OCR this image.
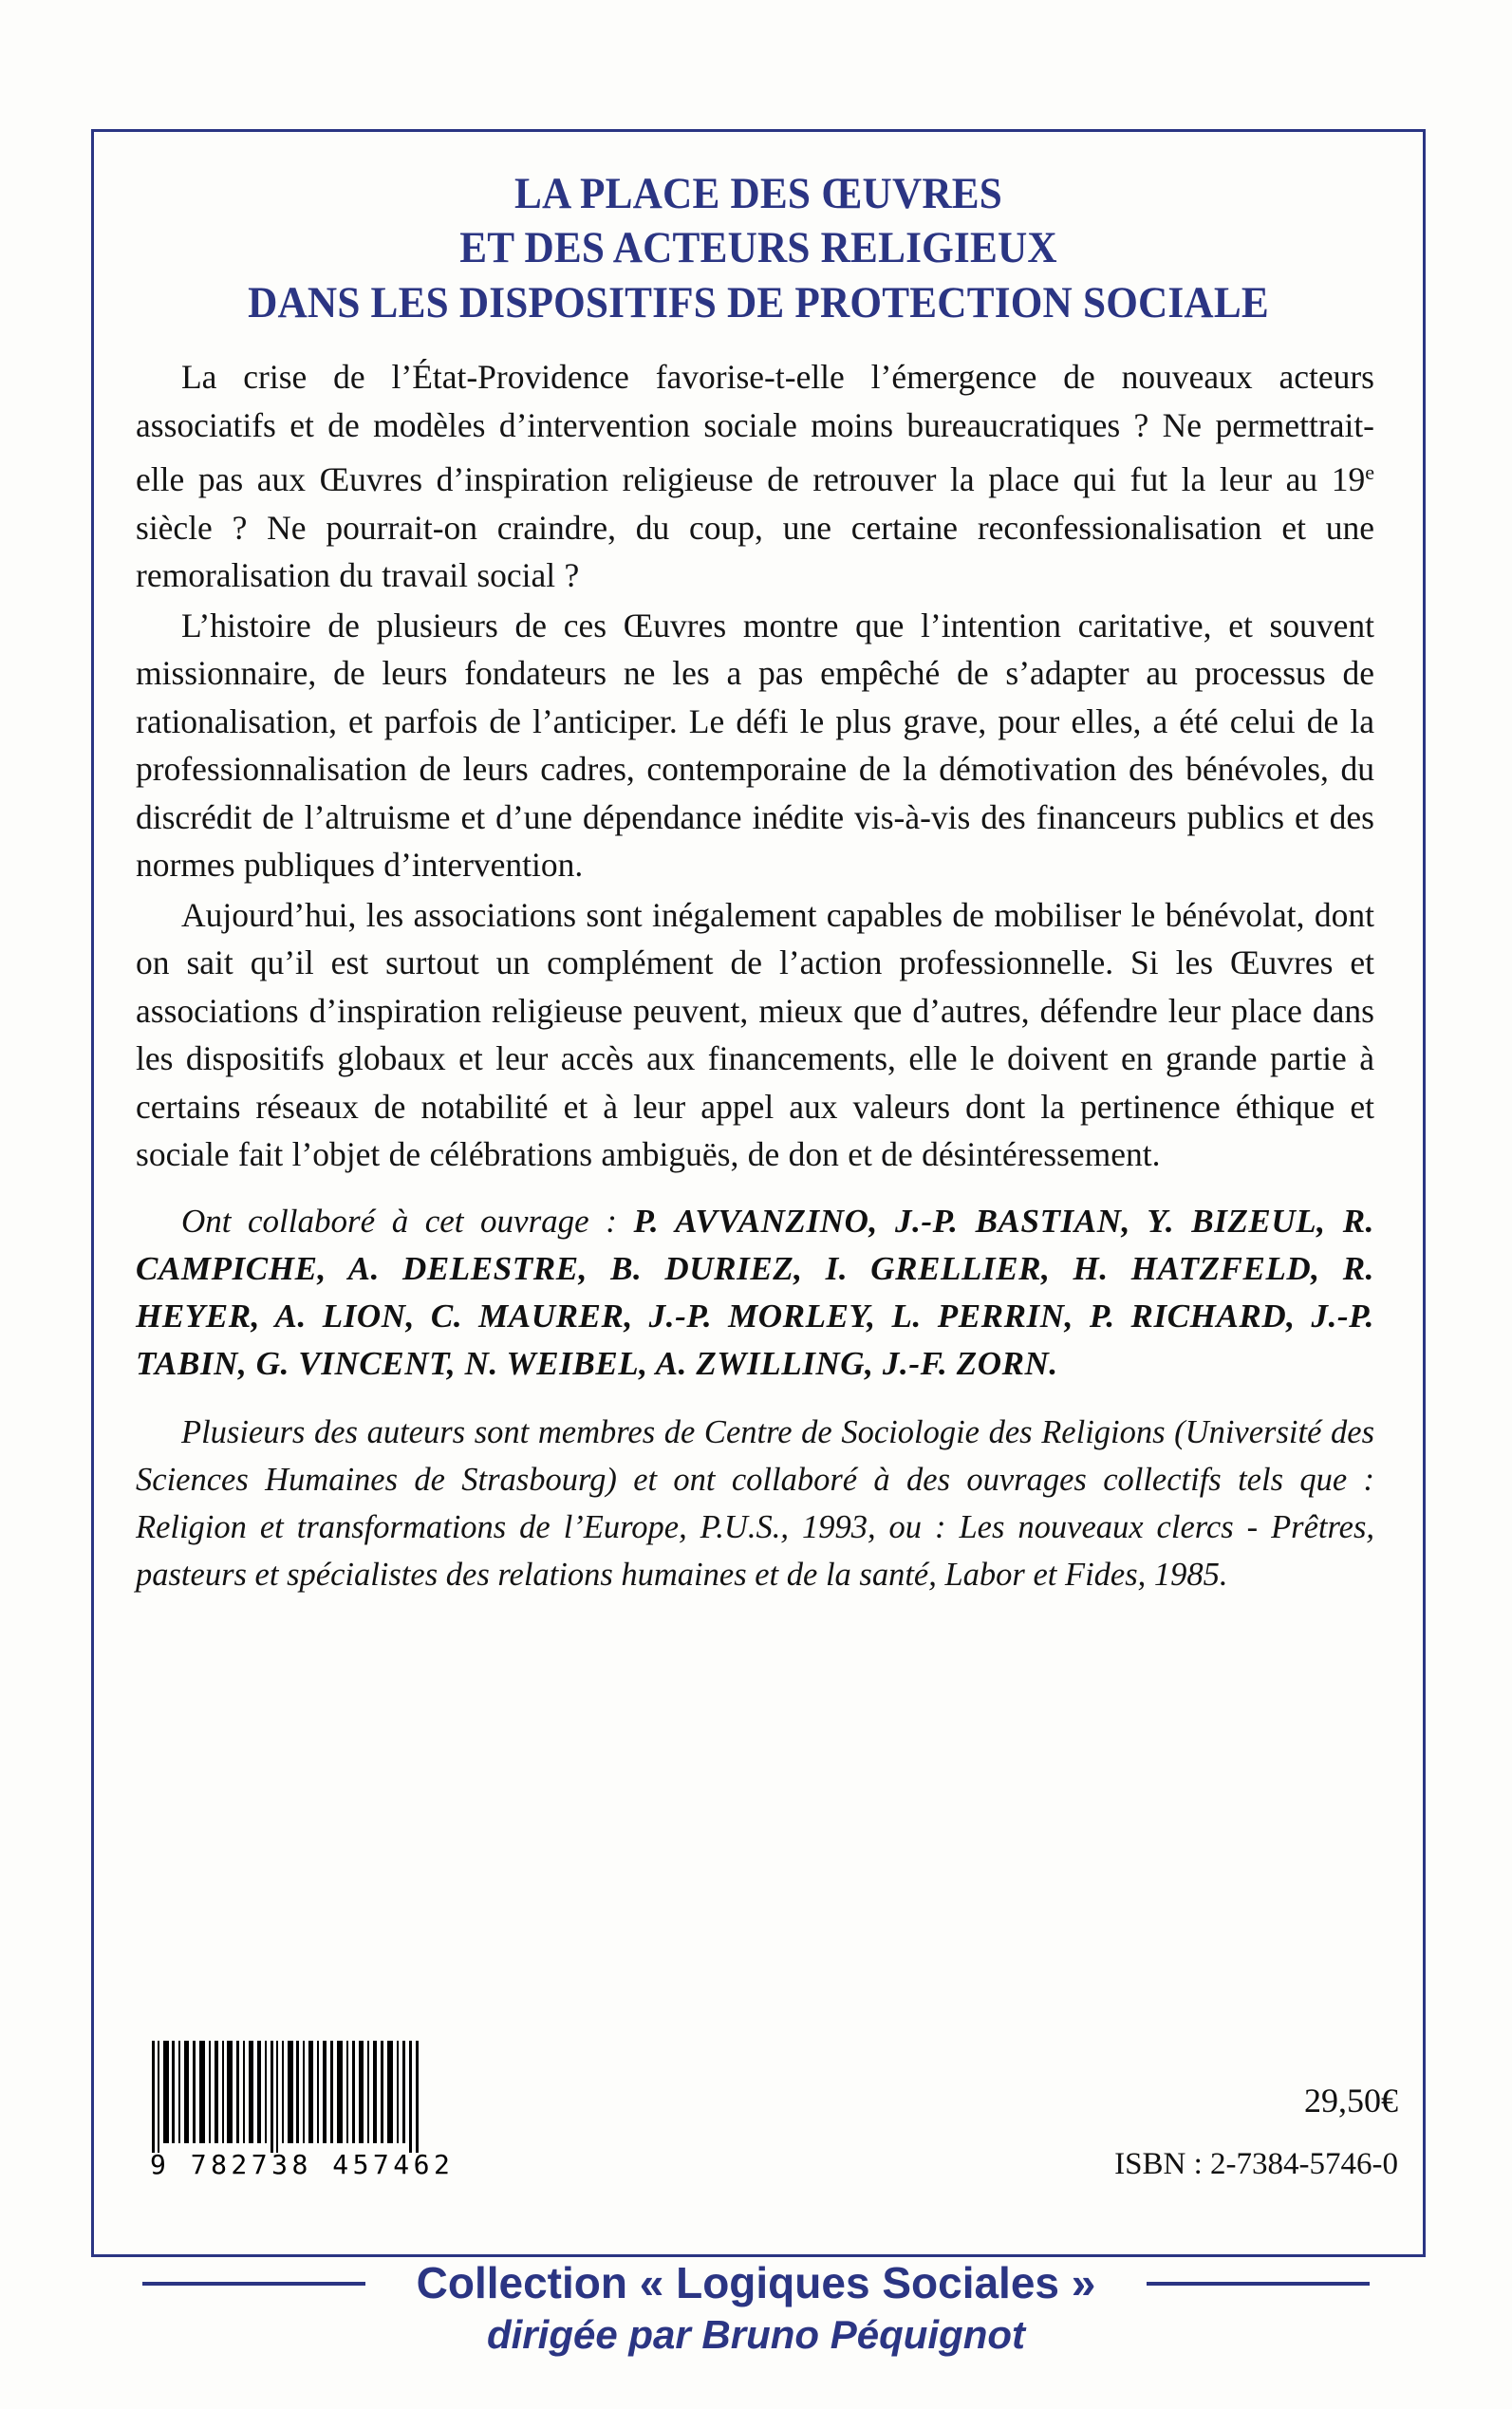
LA PLACE DES ŒUVRES
ET DES ACTEURS RELIGIEUX
DANS LES DISPOSITIFS DE PROTECTION SOCIALE

La crise de l’État-Providence favorise-t-elle l’émergence de nouveaux acteurs associatifs et de modèles d’intervention sociale moins bureaucratiques ? Ne permettrait-elle pas aux Œuvres d’inspiration religieuse de retrouver la place qui fut la leur au 19e siècle ? Ne pourrait-on craindre, du coup, une certaine reconfessionalisation et une remoralisation du travail social ?

L’histoire de plusieurs de ces Œuvres montre que l’intention caritative, et souvent missionnaire, de leurs fondateurs ne les a pas empêché de s’adapter au processus de rationalisation, et parfois de l’anticiper. Le défi le plus grave, pour elles, a été celui de la professionnalisation de leurs cadres, contemporaine de la démotivation des bénévoles, du discrédit de l’altruisme et d’une dépendance inédite vis-à-vis des financeurs publics et des normes publiques d’intervention.

Aujourd’hui, les associations sont inégalement capables de mobiliser le bénévolat, dont on sait qu’il est surtout un complément de l’action professionnelle. Si les Œuvres et associations d’inspiration religieuse peuvent, mieux que d’autres, défendre leur place dans les dispositifs globaux et leur accès aux financements, elle le doivent en grande partie à certains réseaux de notabilité et à leur appel aux valeurs dont la pertinence éthique et sociale fait l’objet de célébrations ambiguës, de don et de désintéressement.

Ont collaboré à cet ouvrage : P. AVVANZINO, J.-P. BASTIAN, Y. BIZEUL, R. CAMPICHE, A. DELESTRE, B. DURIEZ, I. GRELLIER, H. HATZFELD, R. HEYER, A. LION, C. MAURER, J.-P. MORLEY, L. PERRIN, P. RICHARD, J.-P. TABIN, G. VINCENT, N. WEIBEL, A. ZWILLING, J.-F. ZORN.

Plusieurs des auteurs sont membres de Centre de Sociologie des Religions (Université des Sciences Humaines de Strasbourg) et ont collaboré à des ouvrages collectifs tels que : Religion et transformations de l’Europe, P.U.S., 1993, ou : Les nouveaux clercs - Prêtres, pasteurs et spécialistes des relations humaines et de la santé, Labor et Fides, 1985.

9 782738 457462
29,50€
ISBN : 2-7384-5746-0
Collection « Logiques Sociales »
dirigée par Bruno Péquignot
